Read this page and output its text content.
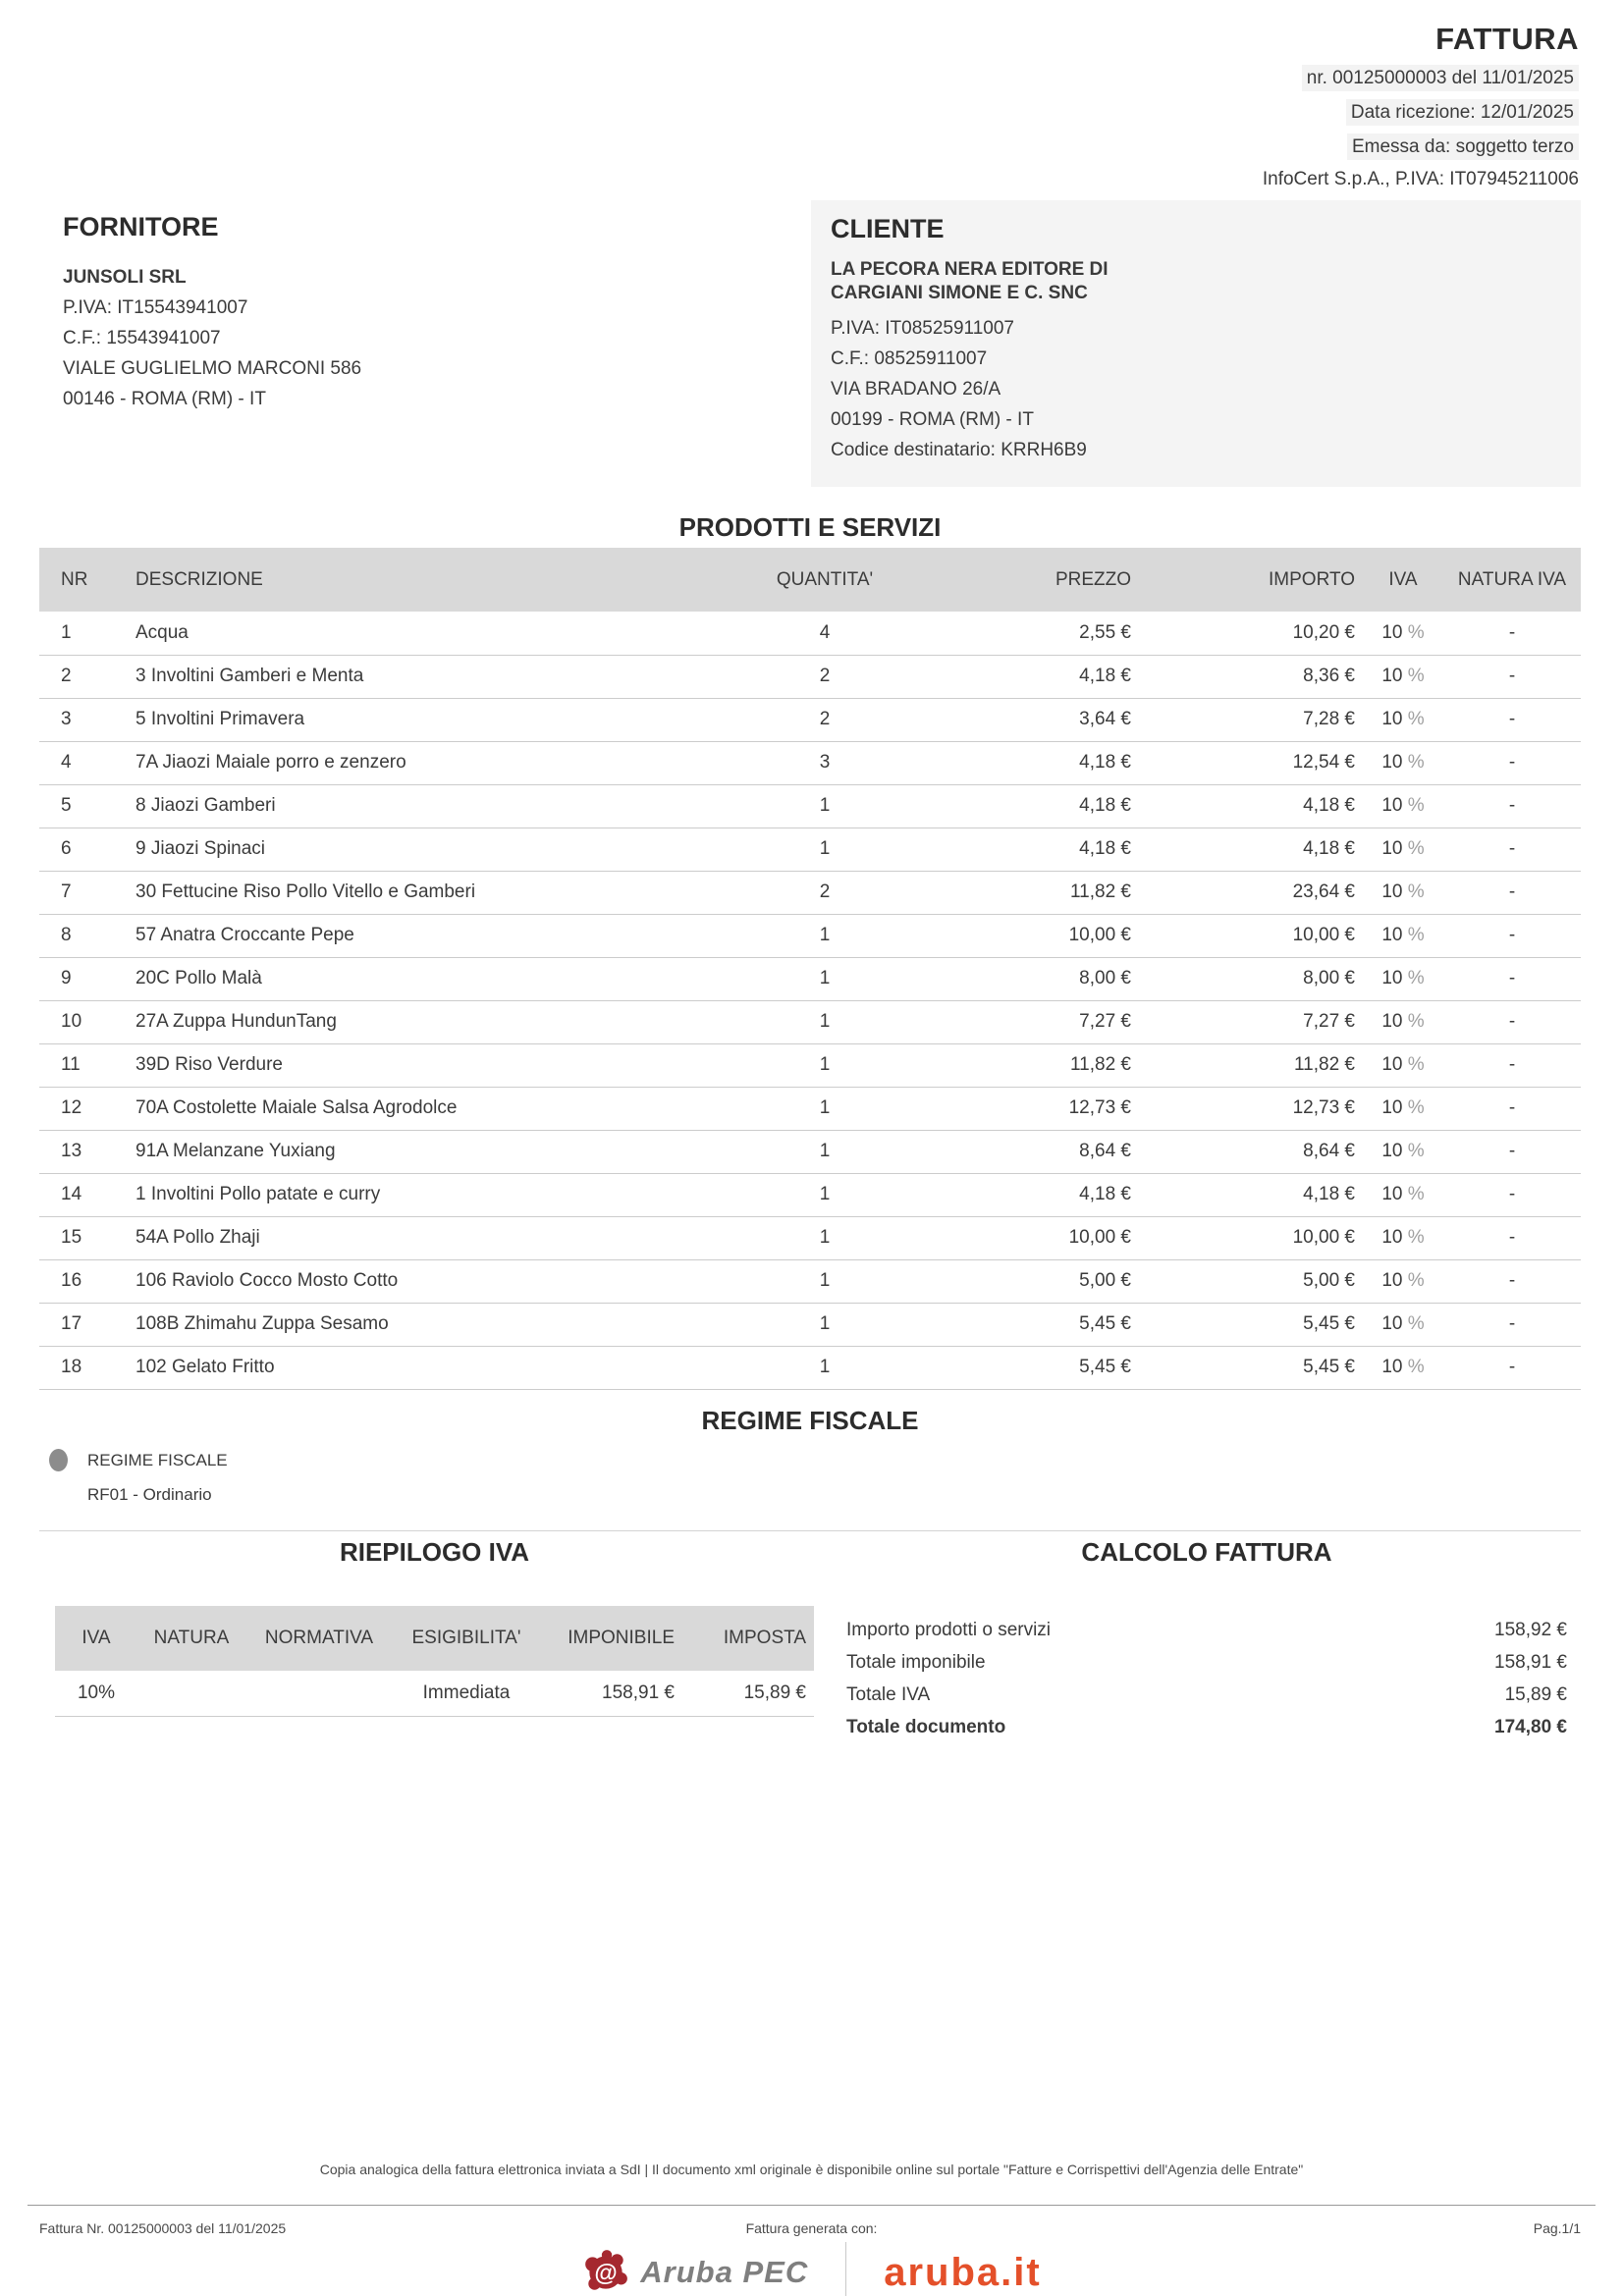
FATTURA
nr. 00125000003 del 11/01/2025
Data ricezione: 12/01/2025
Emessa da: soggetto terzo
InfoCert S.p.A., P.IVA: IT07945211006
FORNITORE
JUNSOLI SRL
P.IVA: IT15543941007
C.F.: 15543941007
VIALE GUGLIELMO MARCONI 586
00146 - ROMA (RM) - IT
CLIENTE
LA PECORA NERA EDITORE DI
CARGIANI SIMONE E C. SNC
P.IVA: IT08525911007
C.F.: 08525911007
VIA BRADANO 26/A
00199 - ROMA (RM) - IT
Codice destinatario: KRRH6B9
PRODOTTI E SERVIZI
NR	DESCRIZIONE	QUANTITA'	PREZZO	IMPORTO	IVA	NATURA IVA
1	Acqua	4	2,55 €	10,20 €	10 %	-
2	3 Involtini Gamberi e Menta	2	4,18 €	8,36 €	10 %	-
3	5 Involtini Primavera	2	3,64 €	7,28 €	10 %	-
4	7A Jiaozi Maiale porro e zenzero	3	4,18 €	12,54 €	10 %	-
5	8 Jiaozi Gamberi	1	4,18 €	4,18 €	10 %	-
6	9 Jiaozi Spinaci	1	4,18 €	4,18 €	10 %	-
7	30 Fettucine Riso Pollo Vitello e Gamberi	2	11,82 €	23,64 €	10 %	-
8	57 Anatra Croccante Pepe	1	10,00 €	10,00 €	10 %	-
9	20C Pollo Malà	1	8,00 €	8,00 €	10 %	-
10	27A Zuppa HundunTang	1	7,27 €	7,27 €	10 %	-
11	39D Riso Verdure	1	11,82 €	11,82 €	10 %	-
12	70A Costolette Maiale Salsa Agrodolce	1	12,73 €	12,73 €	10 %	-
13	91A Melanzane Yuxiang	1	8,64 €	8,64 €	10 %	-
14	1 Involtini Pollo patate e curry	1	4,18 €	4,18 €	10 %	-
15	54A Pollo Zhaji	1	10,00 €	10,00 €	10 %	-
16	106 Raviolo Cocco Mosto Cotto	1	5,00 €	5,00 €	10 %	-
17	108B Zhimahu Zuppa Sesamo	1	5,45 €	5,45 €	10 %	-
18	102 Gelato Fritto	1	5,45 €	5,45 €	10 %	-
REGIME FISCALE
REGIME FISCALE
RF01 - Ordinario
RIEPILOGO IVA
IVA	NATURA	NORMATIVA	ESIGIBILITA'	IMPONIBILE	IMPOSTA
10%			Immediata	158,91 €	15,89 €
CALCOLO FATTURA
Importo prodotti o servizi	158,92 €
Totale imponibile	158,91 €
Totale IVA	15,89 €
Totale documento	174,80 €
Copia analogica della fattura elettronica inviata a SdI | Il documento xml originale è disponibile online sul portale "Fatture e Corrispettivi dell'Agenzia delle Entrate"
Fattura Nr. 00125000003 del 11/01/2025	Fattura generata con:	Pag.1/1
@ Aruba PEC aruba.it
